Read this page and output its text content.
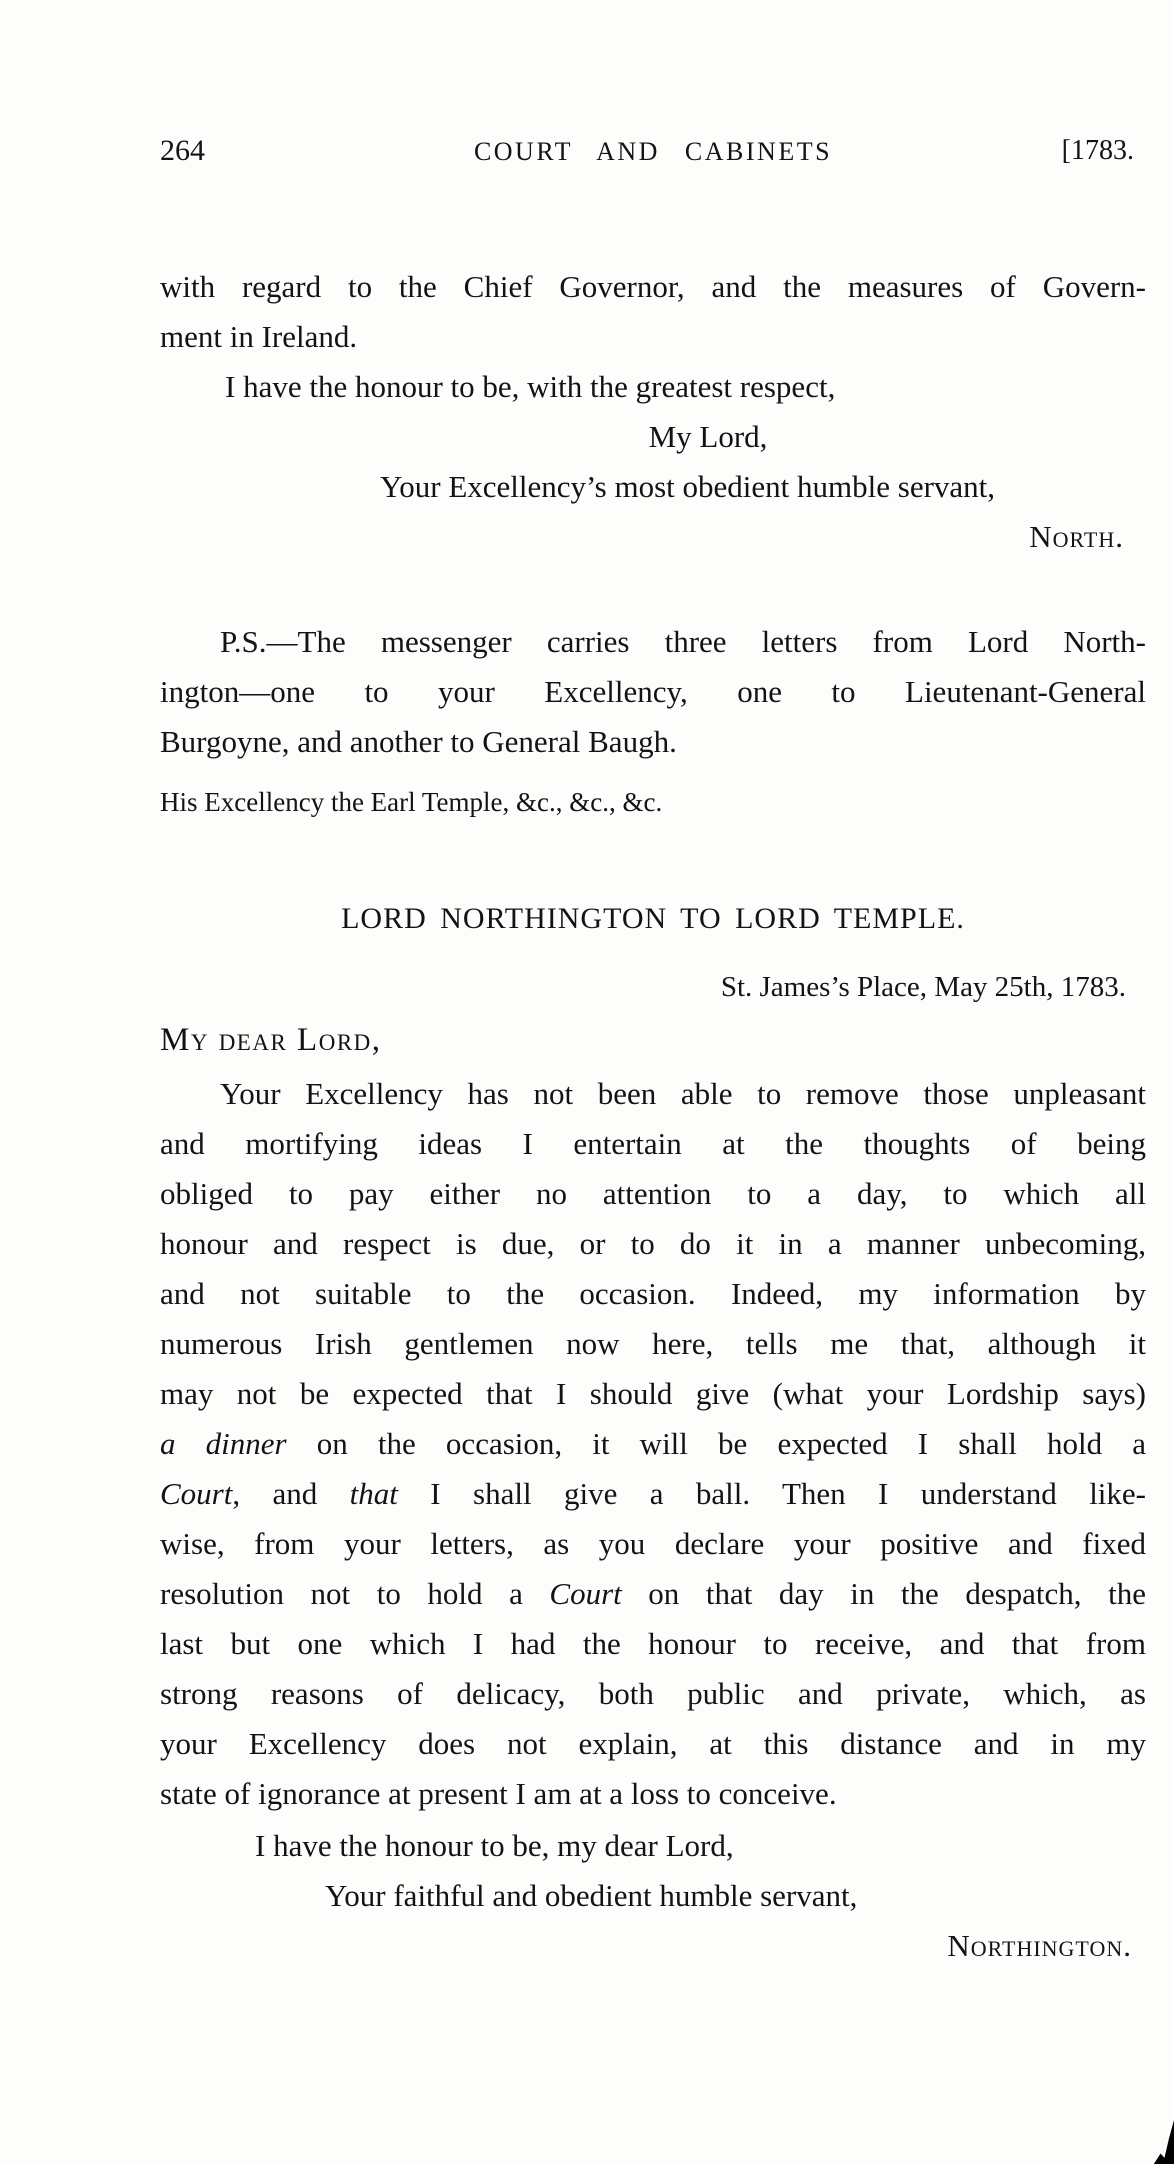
264	COURT AND CABINETS	[1783.
with regard to the Chief Governor, and the measures of Govern-
ment in Ireland.
I have the honour to be, with the greatest respect,
My Lord,
Your Excellency’s most obedient humble servant,
North.
P.S.—The messenger carries three letters from Lord North-
ington—one to your Excellency, one to Lieutenant-General
Burgoyne, and another to General Baugh.
His Excellency the Earl Temple, &c., &c., &c.
LORD NORTHINGTON TO LORD TEMPLE.
St. James’s Place, May 25th, 1783.
My dear Lord,
Your Excellency has not been able to remove those unpleasant
and mortifying ideas I entertain at the thoughts of being
obliged to pay either no attention to a day, to which all
honour and respect is due, or to do it in a manner unbecoming,
and not suitable to the occasion. Indeed, my information by
numerous Irish gentlemen now here, tells me that, although it
may not be expected that I should give (what your Lordship says)
a dinner on the occasion, it will be expected I shall hold a
Court, and that I shall give a ball. Then I understand like-
wise, from your letters, as you declare your positive and fixed
resolution not to hold a Court on that day in the despatch, the
last but one which I had the honour to receive, and that from
strong reasons of delicacy, both public and private, which, as
your Excellency does not explain, at this distance and in my
state of ignorance at present I am at a loss to conceive.
I have the honour to be, my dear Lord,
Your faithful and obedient humble servant,
Northington.
